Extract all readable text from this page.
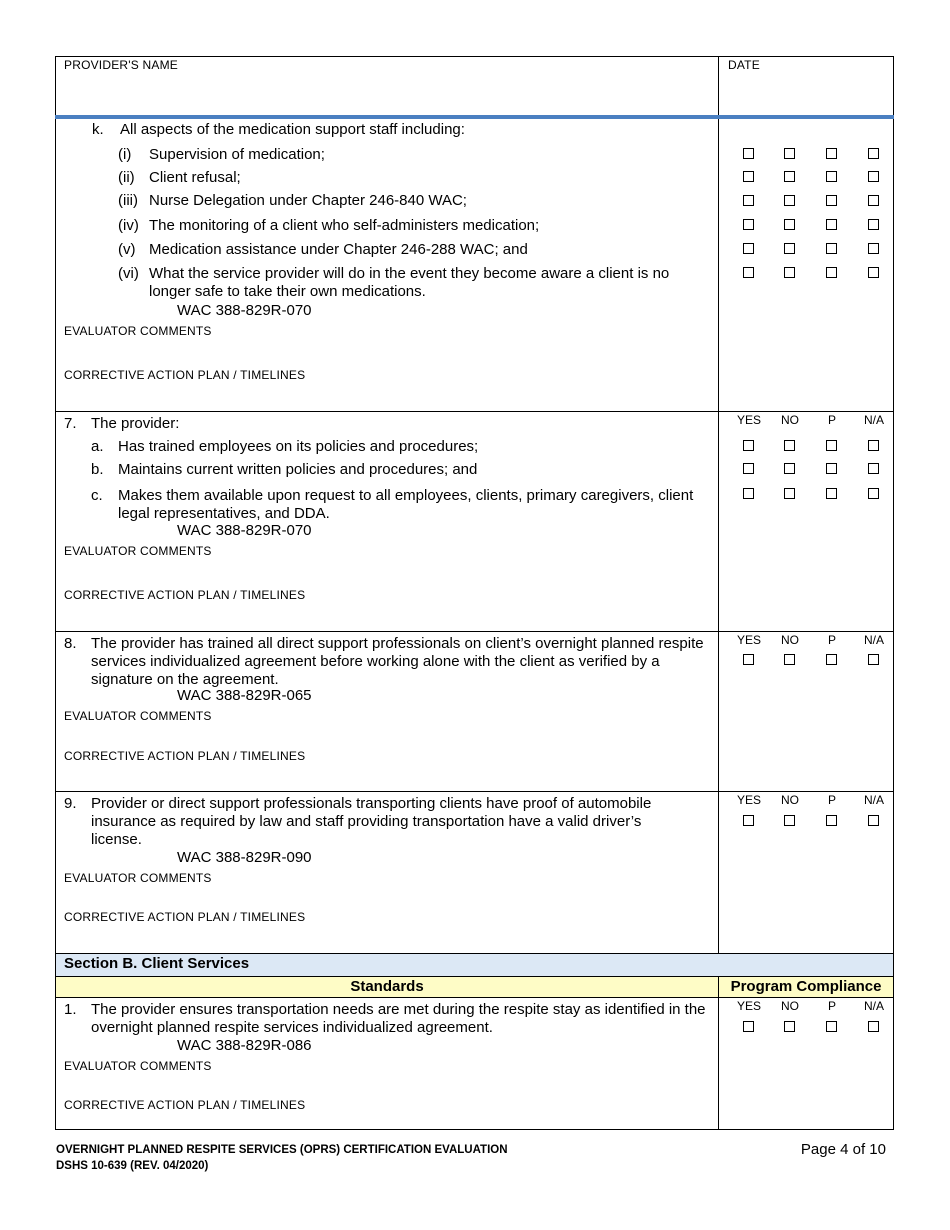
PROVIDER'S NAME	DATE
k. All aspects of the medication support staff including:
(i) Supervision of medication;
(ii) Client refusal;
(iii) Nurse Delegation under Chapter 246-840 WAC;
(iv) The monitoring of a client who self-administers medication;
(v) Medication assistance under Chapter 246-288 WAC; and
(vi) What the service provider will do in the event they become aware a client is no longer safe to take their own medications.
WAC 388-829R-070
EVALUATOR COMMENTS
CORRECTIVE ACTION PLAN / TIMELINES
7. The provider:
a. Has trained employees on its policies and procedures;
b. Maintains current written policies and procedures; and
c. Makes them available upon request to all employees, clients, primary caregivers, client legal representatives, and DDA.
WAC 388-829R-070
EVALUATOR COMMENTS
CORRECTIVE ACTION PLAN / TIMELINES
YES	NO	P	N/A
8. The provider has trained all direct support professionals on client’s overnight planned respite services individualized agreement before working alone with the client as verified by a signature on the agreement.
WAC 388-829R-065
EVALUATOR COMMENTS
CORRECTIVE ACTION PLAN / TIMELINES
YES	NO	P	N/A
9. Provider or direct support professionals transporting clients have proof of automobile insurance as required by law and staff providing transportation have a valid driver’s license.
WAC 388-829R-090
EVALUATOR COMMENTS
CORRECTIVE ACTION PLAN / TIMELINES
YES	NO	P	N/A
Section B. Client Services
Standards	Program Compliance
1. The provider ensures transportation needs are met during the respite stay as identified in the overnight planned respite services individualized agreement.
WAC 388-829R-086
EVALUATOR COMMENTS
CORRECTIVE ACTION PLAN / TIMELINES
YES	NO	P	N/A
OVERNIGHT PLANNED RESPITE SERVICES (OPRS) CERTIFICATION EVALUATION
DSHS 10-639 (REV. 04/2020)
Page 4 of 10
